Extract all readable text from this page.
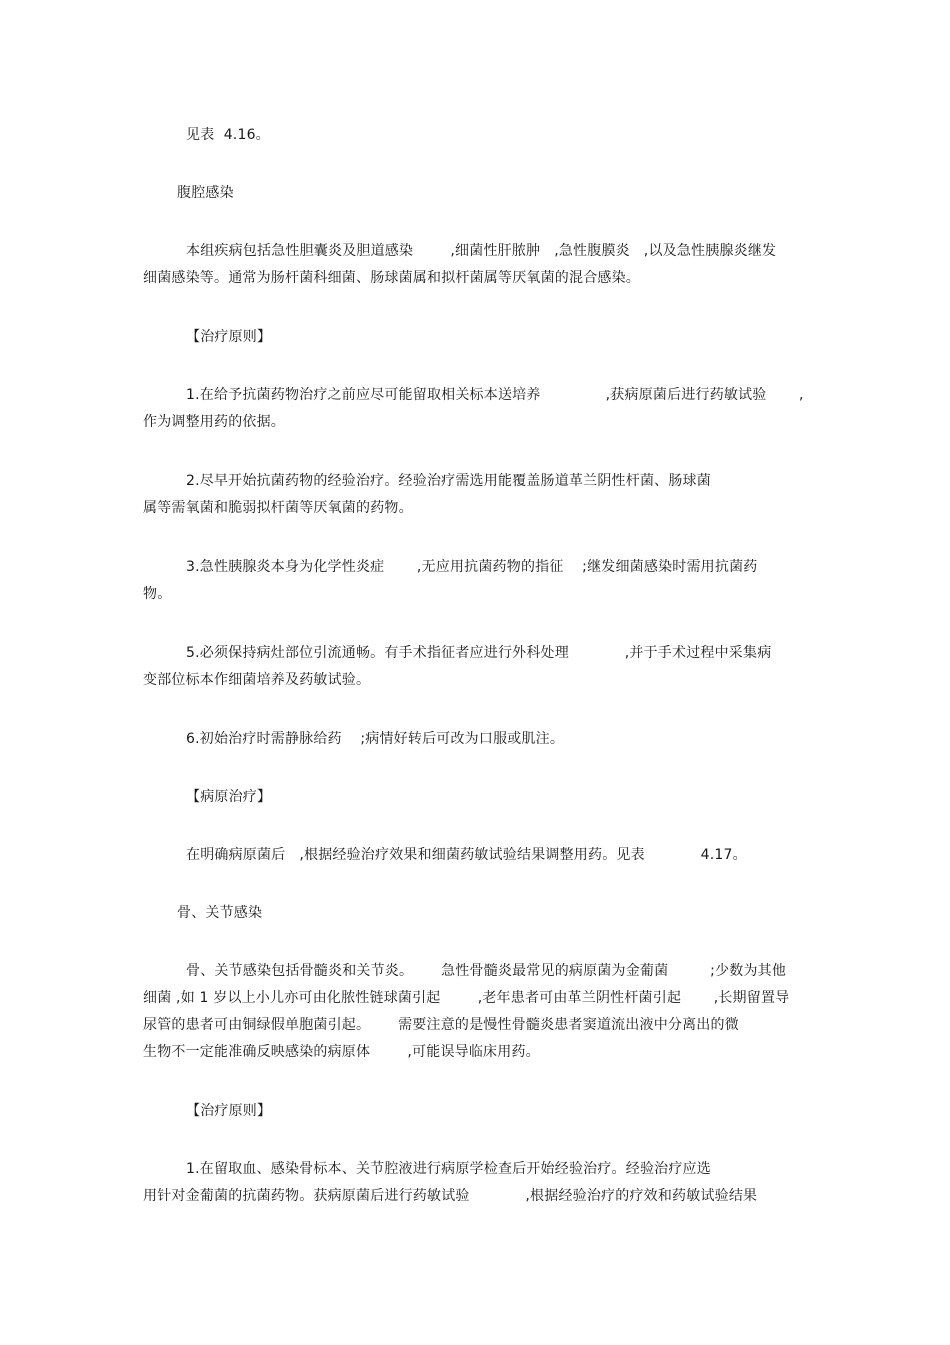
见表  4.16。
腹腔感染
本组疾病包括急性胆囊炎及胆道感染        ,细菌性肝脓肿   ,急性腹膜炎   ,以及急性胰腺炎继发
细菌感染等。通常为肠杆菌科细菌、肠球菌属和拟杆菌属等厌氧菌的混合感染。
【治疗原则】
1.在给予抗菌药物治疗之前应尽可能留取相关标本送培养              ,获病原菌后进行药敏试验       ,
作为调整用药的依据。
2.尽早开始抗菌药物的经验治疗。经验治疗需选用能覆盖肠道革兰阴性杆菌、肠球菌
属等需氧菌和脆弱拟杆菌等厌氧菌的药物。
3.急性胰腺炎本身为化学性炎症       ,无应用抗菌药物的指征    ;继发细菌感染时需用抗菌药
物。
5.必须保持病灶部位引流通畅。有手术指征者应进行外科处理            ,并于手术过程中采集病
变部位标本作细菌培养及药敏试验。
6.初始治疗时需静脉给药    ;病情好转后可改为口服或肌注。
【病原治疗】
在明确病原菌后   ,根据经验治疗效果和细菌药敏试验结果调整用药。见表            4.17。
骨、关节感染
骨、关节感染包括骨髓炎和关节炎。      急性骨髓炎最常见的病原菌为金葡菌         ;少数为其他
细菌 ,如 1 岁以上小儿亦可由化脓性链球菌引起        ,老年患者可由革兰阴性杆菌引起       ,长期留置导
尿管的患者可由铜绿假单胞菌引起。      需要注意的是慢性骨髓炎患者窦道流出液中分离出的微
生物不一定能准确反映感染的病原体        ,可能误导临床用药。
【治疗原则】
1.在留取血、感染骨标本、关节腔液进行病原学检查后开始经验治疗。经验治疗应选
用针对金葡菌的抗菌药物。获病原菌后进行药敏试验            ,根据经验治疗的疗效和药敏试验结果
